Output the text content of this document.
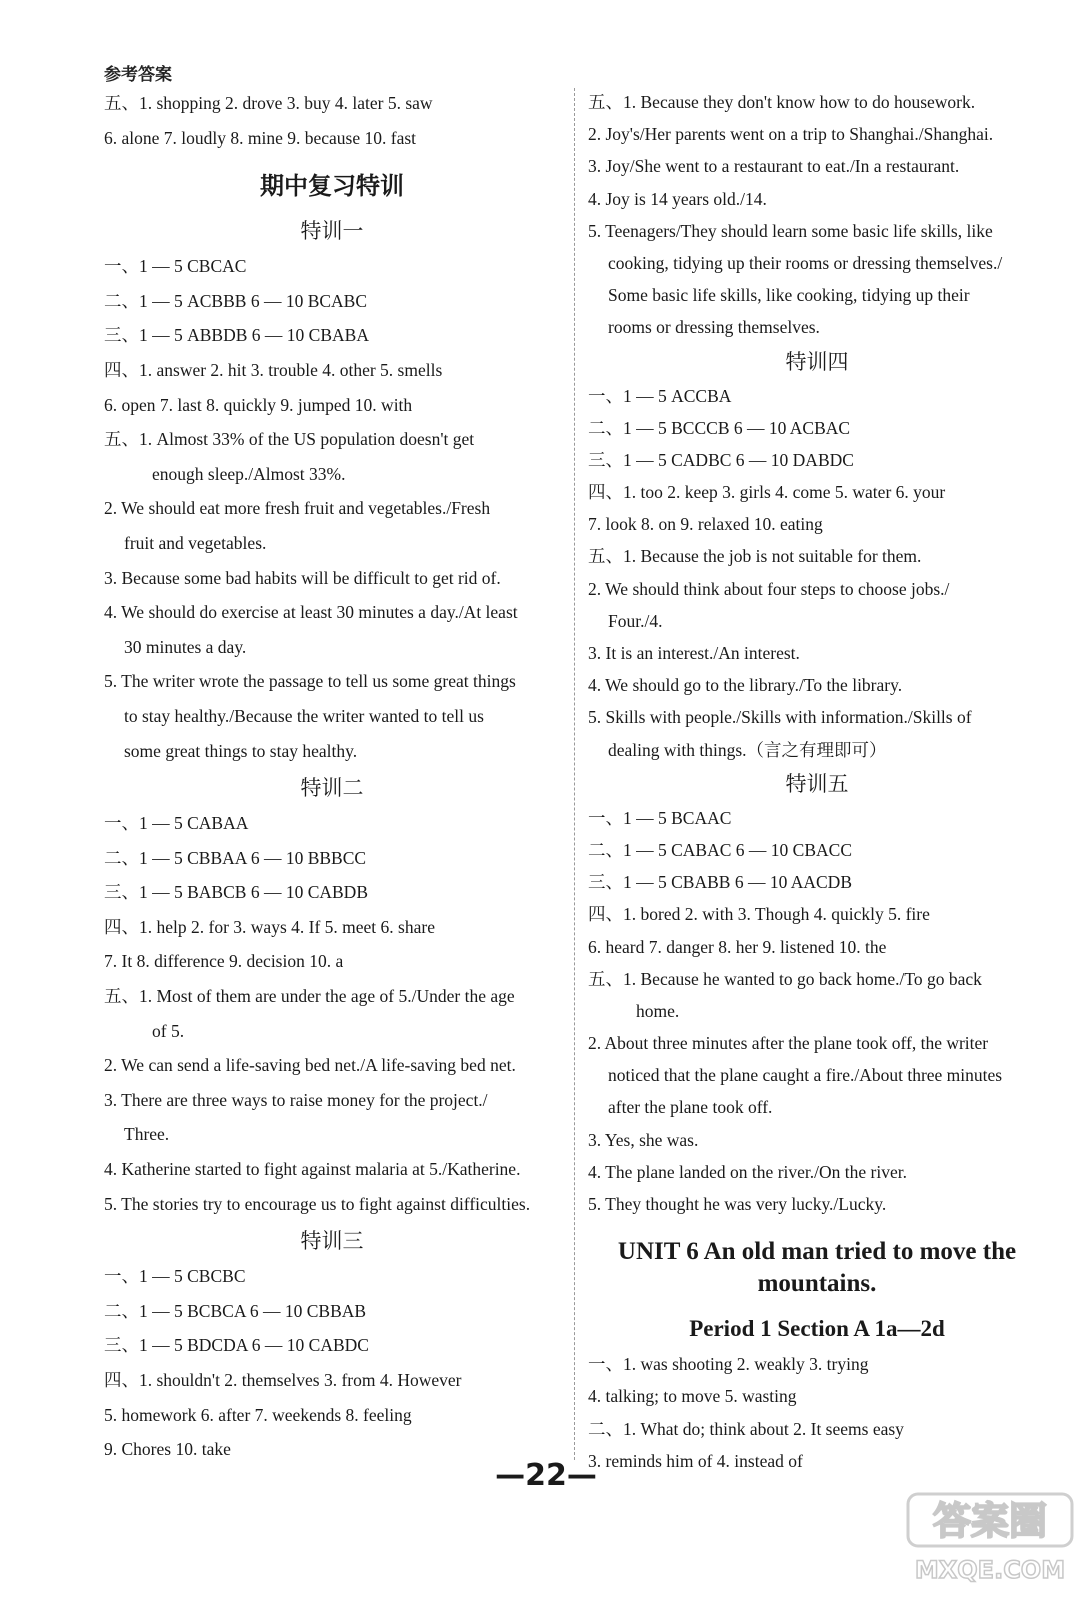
参考答案
五、1. shopping 2. drove 3. buy 4. later 5. saw
6. alone 7. loudly 8. mine 9. because 10. fast
期中复习特训
特训一
一、1 — 5 CBCAC
二、1 — 5 ACBBB 6 — 10 BCABC
三、1 — 5 ABBDB 6 — 10 CBABA
四、1. answer 2. hit 3. trouble 4. other 5. smells
6. open 7. last 8. quickly 9. jumped 10. with
五、1. Almost 33% of the US population doesn't get
enough sleep./Almost 33%.
2. We should eat more fresh fruit and vegetables./Fresh
fruit and vegetables.
3. Because some bad habits will be difficult to get rid of.
4. We should do exercise at least 30 minutes a day./At least
30 minutes a day.
5. The writer wrote the passage to tell us some great things
to stay healthy./Because the writer wanted to tell us
some great things to stay healthy.
特训二
一、1 — 5 CABAA
二、1 — 5 CBBAA 6 — 10 BBBCC
三、1 — 5 BABCB 6 — 10 CABDB
四、1. help 2. for 3. ways 4. If 5. meet 6. share
7. It 8. difference 9. decision 10. a
五、1. Most of them are under the age of 5./Under the age
of 5.
2. We can send a life-saving bed net./A life-saving bed net.
3. There are three ways to raise money for the project./
Three.
4. Katherine started to fight against malaria at 5./Katherine.
5. The stories try to encourage us to fight against difficulties.
特训三
一、1 — 5 CBCBC
二、1 — 5 BCBCA 6 — 10 CBBAB
三、1 — 5 BDCDA 6 — 10 CABDC
四、1. shouldn't 2. themselves 3. from 4. However
5. homework 6. after 7. weekends 8. feeling
9. Chores 10. take
五、1. Because they don't know how to do housework.
2. Joy's/Her parents went on a trip to Shanghai./Shanghai.
3. Joy/She went to a restaurant to eat./In a restaurant.
4. Joy is 14 years old./14.
5. Teenagers/They should learn some basic life skills, like
cooking, tidying up their rooms or dressing themselves./
Some basic life skills, like cooking, tidying up their
rooms or dressing themselves.
特训四
一、1 — 5 ACCBA
二、1 — 5 BCCCB 6 — 10 ACBAC
三、1 — 5 CADBC 6 — 10 DABDC
四、1. too 2. keep 3. girls 4. come 5. water 6. your
7. look 8. on 9. relaxed 10. eating
五、1. Because the job is not suitable for them.
2. We should think about four steps to choose jobs./
Four./4.
3. It is an interest./An interest.
4. We should go to the library./To the library.
5. Skills with people./Skills with information./Skills of
dealing with things.（言之有理即可）
特训五
一、1 — 5 BCAAC
二、1 — 5 CABAC 6 — 10 CBACC
三、1 — 5 CBABB 6 — 10 AACDB
四、1. bored 2. with 3. Though 4. quickly 5. fire
6. heard 7. danger 8. her 9. listened 10. the
五、1. Because he wanted to go back home./To go back
home.
2. About three minutes after the plane took off, the writer
noticed that the plane caught a fire./About three minutes
after the plane took off.
3. Yes, she was.
4. The plane landed on the river./On the river.
5. They thought he was very lucky./Lucky.
UNIT 6 An old man tried to move the mountains.
Period 1 Section A 1a—2d
一、1. was shooting 2. weakly 3. trying
4. talking; to move 5. wasting
二、1. What do; think about 2. It seems easy
3. reminds him of 4. instead of
—22—
答案圈
MXQE.COM
